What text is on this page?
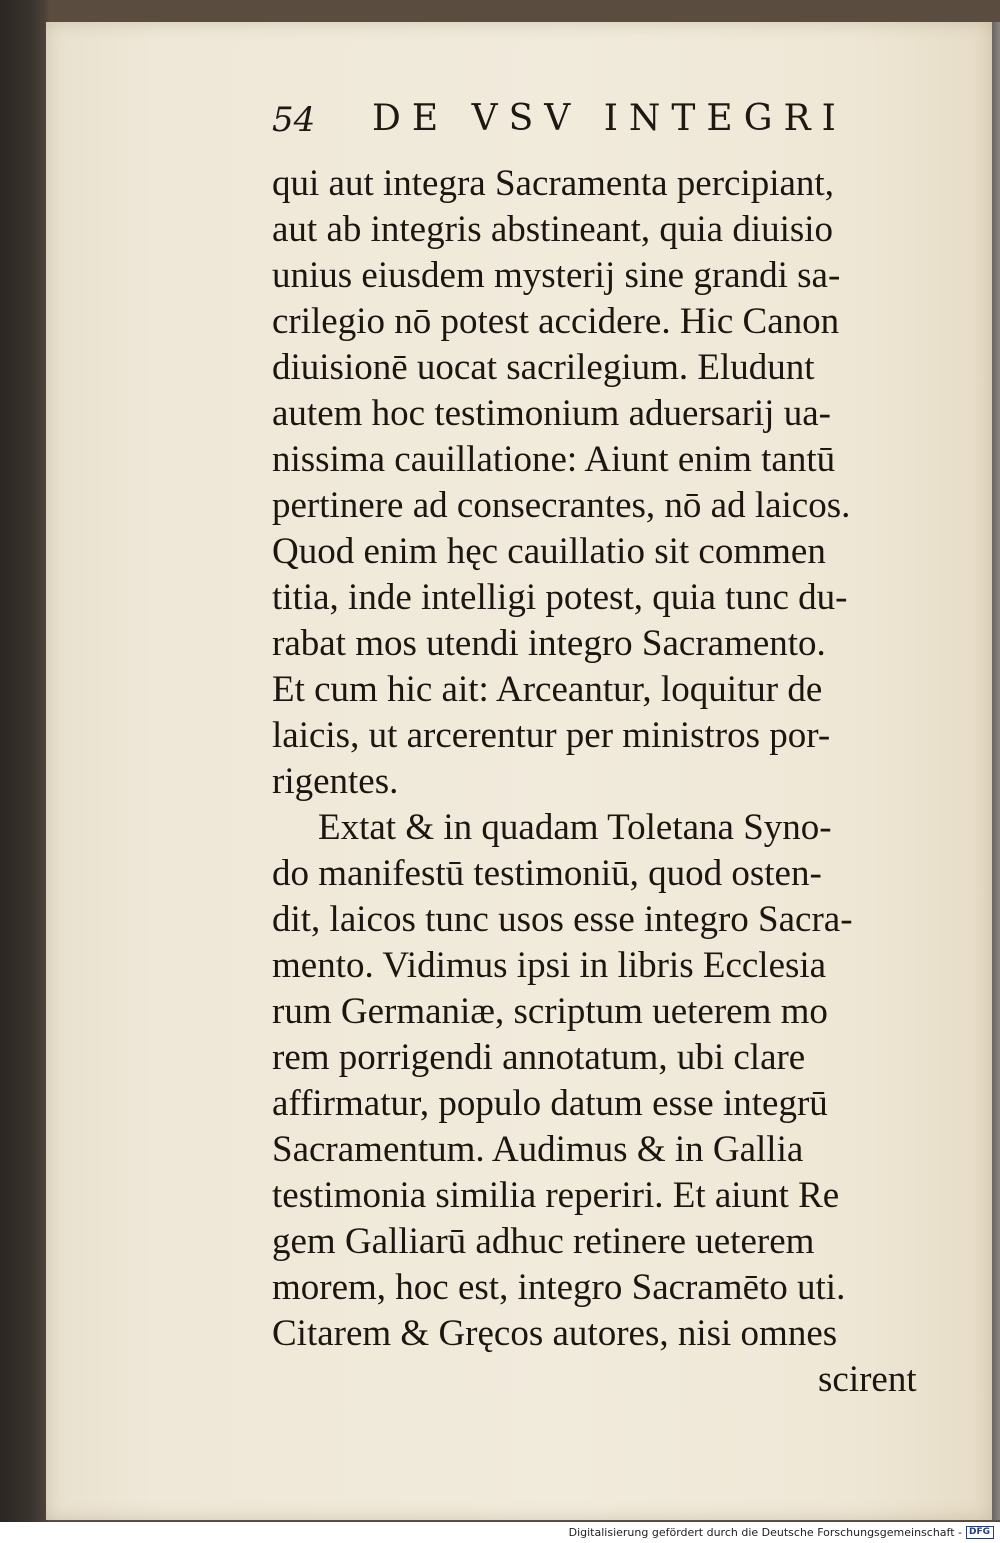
54 DE VSV INTEGRI
qui aut integra Sacramenta percipiant,
aut ab integris abstineant, quia diuisio
unius eiusdem mysterij sine grandi sa-
crilegio nō potest accidere. Hic Canon
diuisionē uocat sacrilegium. Eludunt
autem hoc testimonium aduersarij ua-
nissima cauillatione: Aiunt enim tantū
pertinere ad consecrantes, nō ad laicos.
Quod enim hęc cauillatio sit commen
titia, inde intelligi potest, quia tunc du-
rabat mos utendi integro Sacramento.
Et cum hic ait: Arceantur, loquitur de
laicis, ut arcerentur per ministros por-
rigentes.
Extat & in quadam Toletana Syno-
do manifestū testimoniū, quod osten-
dit, laicos tunc usos esse integro Sacra-
mento. Vidimus ipsi in libris Ecclesia
rum Germaniæ, scriptum ueterem mo
rem porrigendi annotatum, ubi clare
affirmatur, populo datum esse integrū
Sacramentum. Audimus & in Gallia
testimonia similia reperiri. Et aiunt Re
gem Galliarū adhuc retinere ueterem
morem, hoc est, integro Sacramēto uti.
Citarem & Gręcos autores, nisi omnes
scirent
Digitalisierung gefördert durch die Deutsche Forschungsgemeinschaft - DFG
